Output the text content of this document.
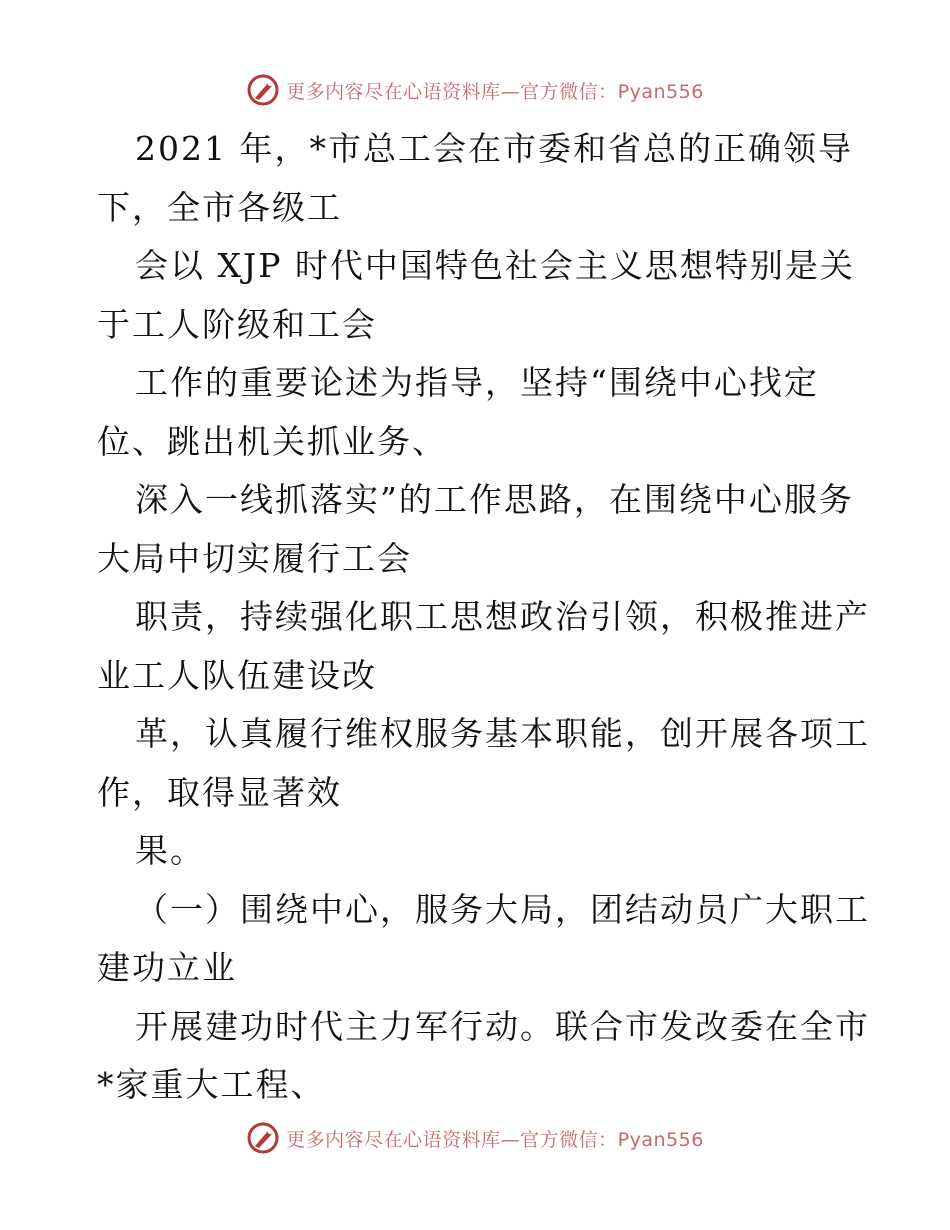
更多内容尽在心语资料库—官方微信：Pyan556
2021 年，*市总工会在市委和省总的正确领导
下，全市各级工
会以 XJP 时代中国特色社会主义思想特别是关
于工人阶级和工会
工作的重要论述为指导，坚持“围绕中心找定
位、跳出机关抓业务、
深入一线抓落实”的工作思路，在围绕中心服务
大局中切实履行工会
职责，持续强化职工思想政治引领，积极推进产
业工人队伍建设改
革，认真履行维权服务基本职能，创开展各项工
作，取得显著效
果。
（一）围绕中心，服务大局，团结动员广大职工
建功立业
开展建功时代主力军行动。联合市发改委在全市
*家重大工程、
更多内容尽在心语资料库—官方微信：Pyan556
